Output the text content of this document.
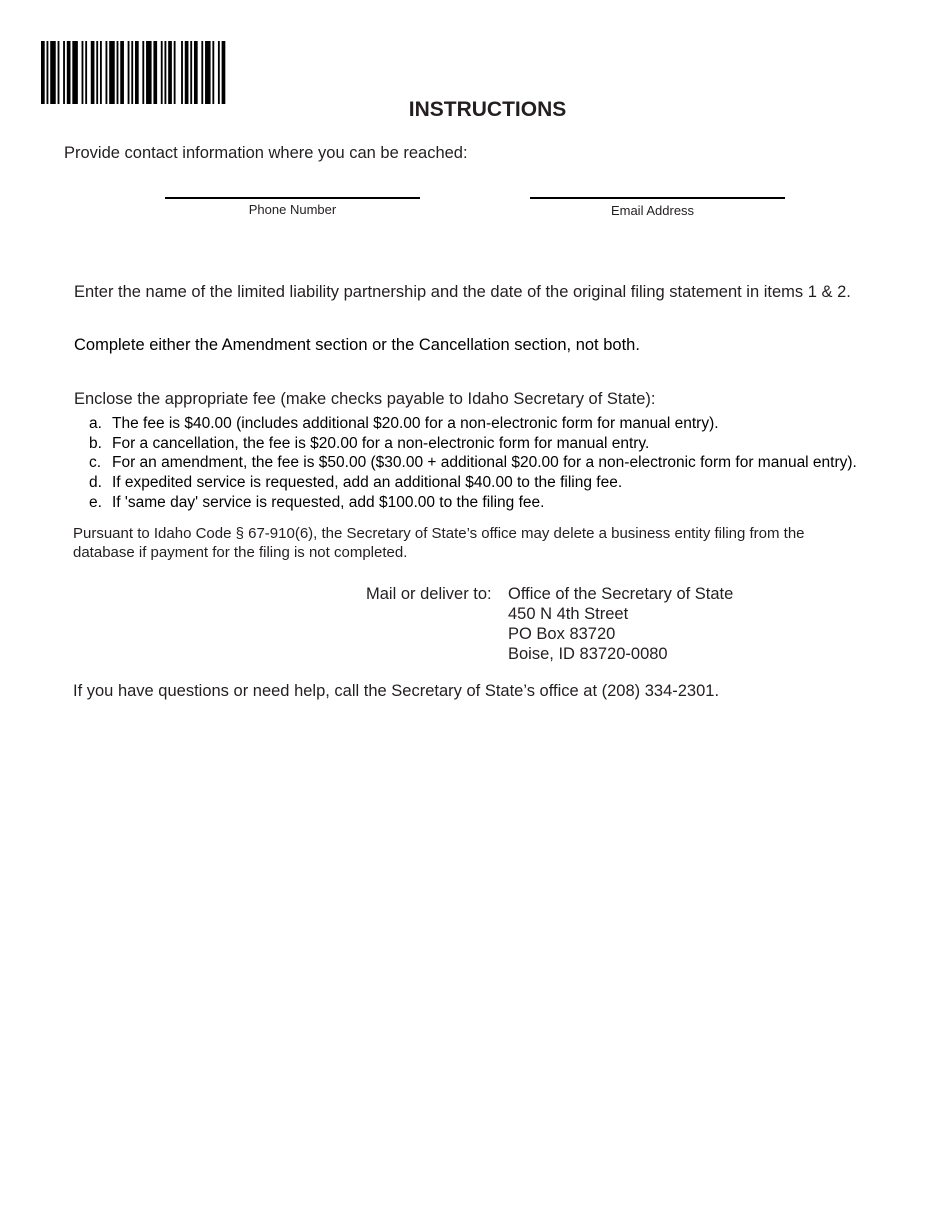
INSTRUCTIONS
Provide contact information where you can be reached:
Phone Number	Email Address
Enter the name of the limited liability partnership and the date of the original filing statement in items 1 & 2.
Complete either the Amendment section or the Cancellation section, not both.
Enclose the appropriate fee (make checks payable to Idaho Secretary of State):
a. The fee is $40.00 (includes additional $20.00 for a non-electronic form for manual entry).
b. For a cancellation, the fee is $20.00 for a non-electronic form for manual entry.
c. For an amendment, the fee is $50.00 ($30.00 + additional $20.00 for a non-electronic form for manual entry).
d. If expedited service is requested, add an additional $40.00 to the filing fee.
e. If 'same day' service is requested, add $100.00 to the filing fee.
Pursuant to Idaho Code § 67-910(6), the Secretary of State’s office may delete a business entity filing from the
database if payment for the filing is not completed.
Mail or deliver to: Office of the Secretary of State
450 N 4th Street
PO Box 83720
Boise, ID 83720-0080
If you have questions or need help, call the Secretary of State’s office at (208) 334-2301.
